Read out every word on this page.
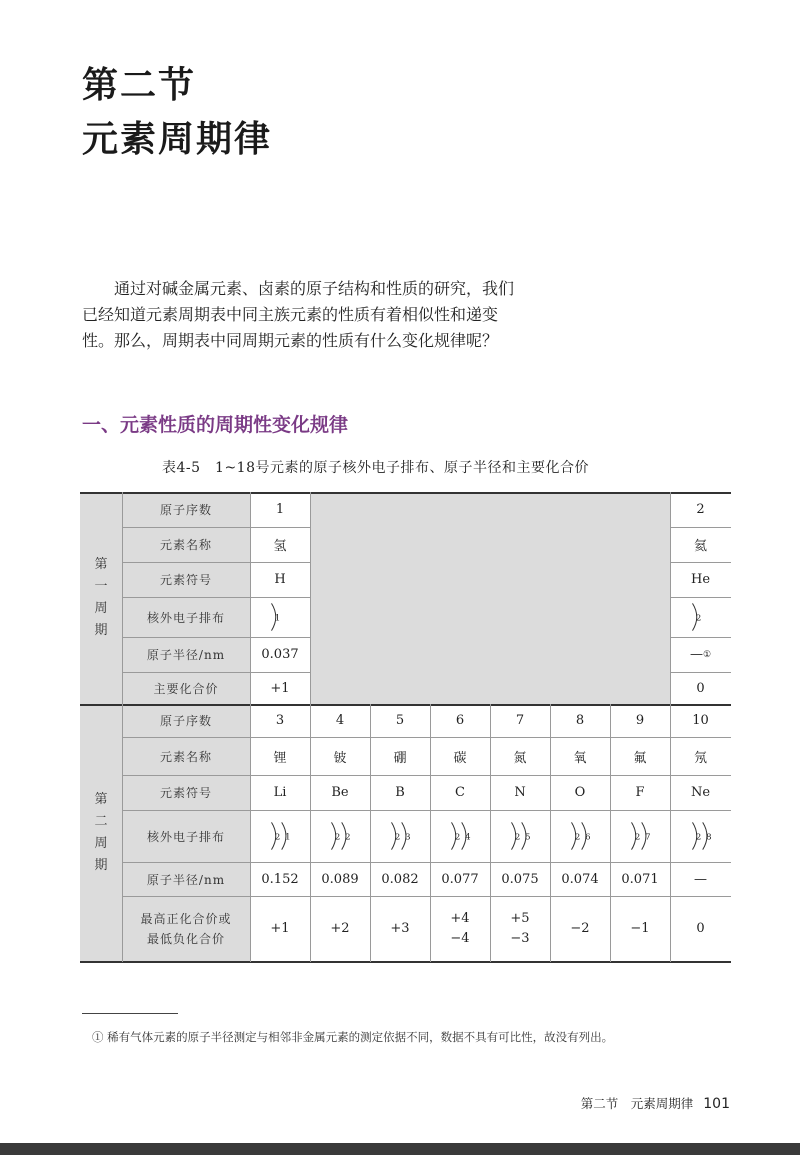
第二节
元素周期律

通过对碱金属元素、卤素的原子结构和性质的研究，我们已经知道元素周期表中同主族元素的性质有着相似性和递变性。那么，周期表中同周期元素的性质有什么变化规律呢？

一、元素性质的周期性变化规律
表4-5　1~18号元素的原子核外电子排布、原子半径和主要化合价
第
一
周
期
第
二
周
期
原子序数
元素名称
元素符号
核外电子排布
原子半径/nm
主要化合价
原子序数
元素名称
元素符号
核外电子排布
原子半径/nm
最高正化合价或
最低负化合价
1
氢
H
1
0.037
+1
2
氦
He
2
— ①
0
3
锂
Li
2 1
0.152
+1
4
铍
Be
2 2
0.089
+2
5
硼
B
2 3
0.082
+3
6
碳
C
2 4
0.077
+4
−4
7
氮
N
2 5
0.075
+5
−3
8
氧
O
2 6
0.074
−2
9
氟
F
2 7
0.071
−1
10
氖
Ne
2 8
—
0
① 稀有气体元素的原子半径测定与相邻非金属元素的测定依据不同，数据不具有可比性，故没有列出。
第二节　元素周期律 101
